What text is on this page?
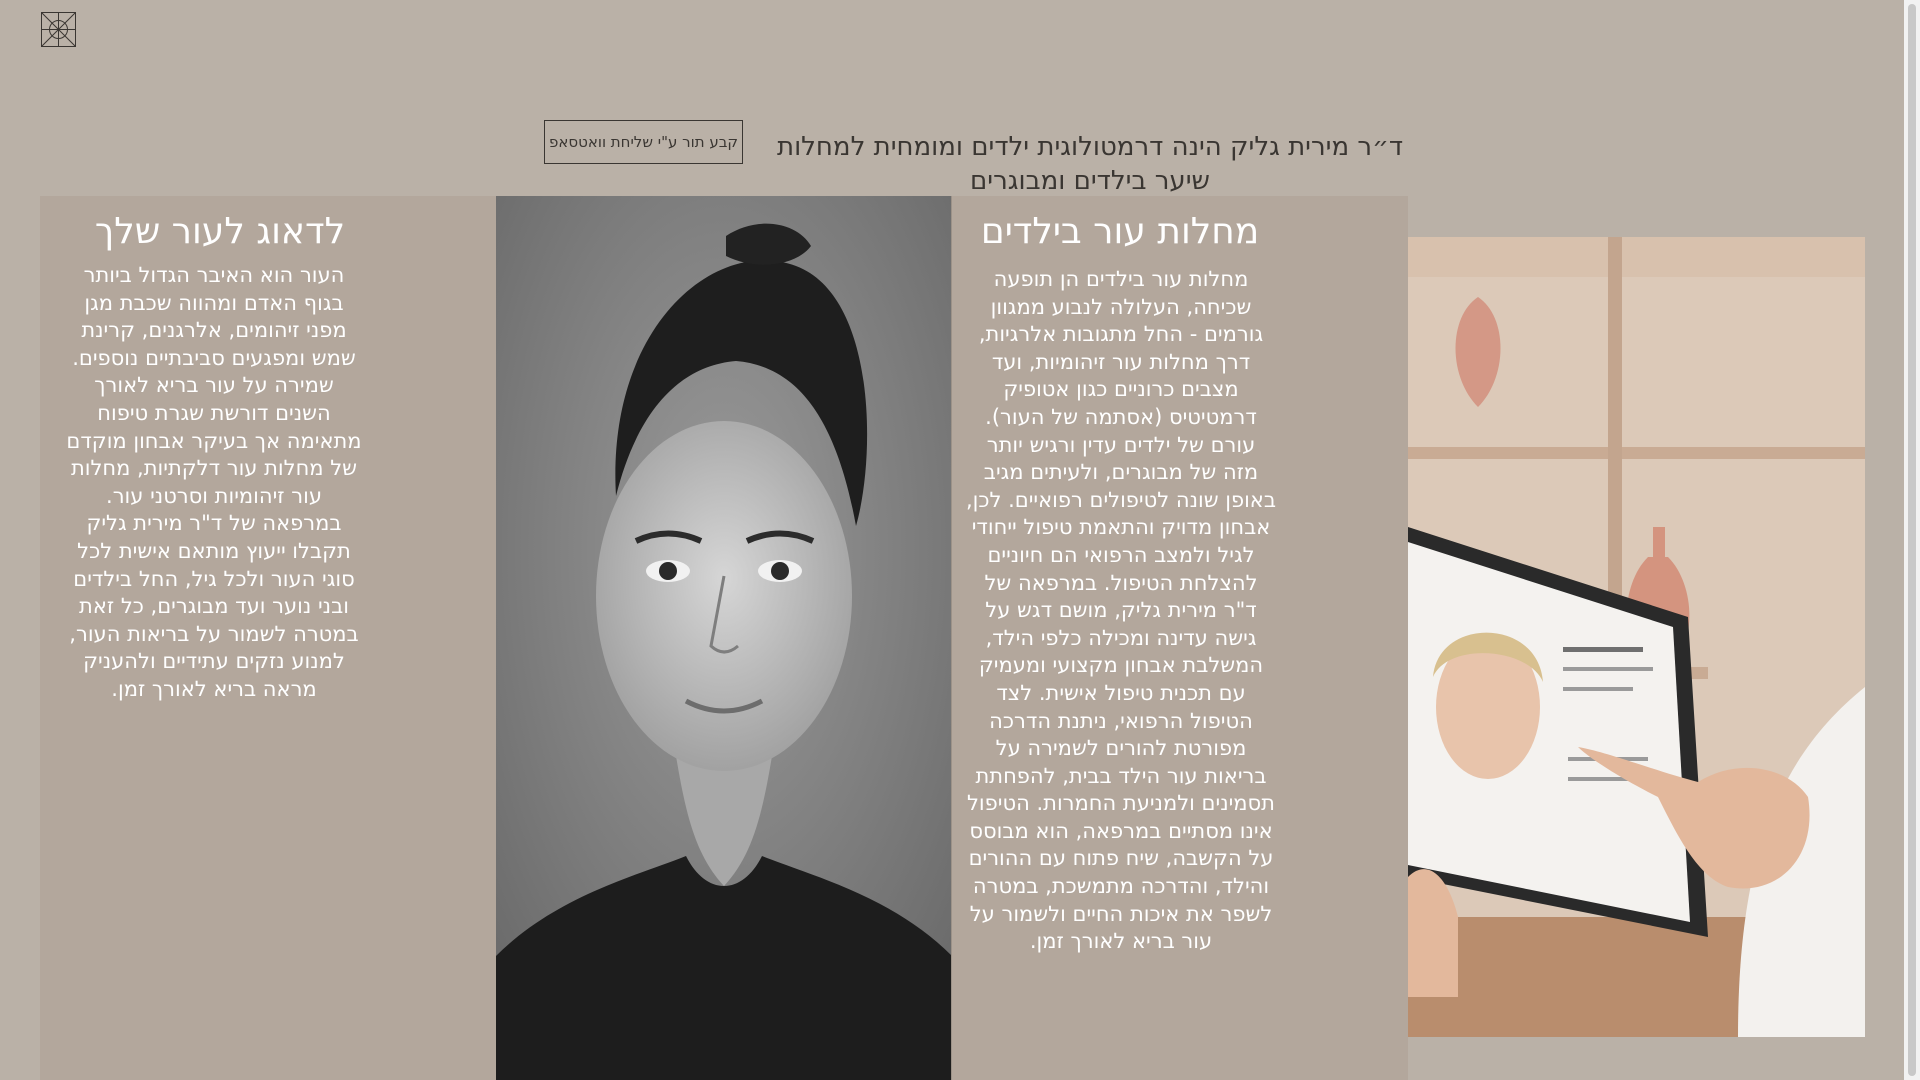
קבע תור ע"י שליחת וואטסאפ	ד״ר מירית גליק הינה דרמטולוגית ילדים ומומחית למחלות שיער בילדים ומבוגרים
לדאוג לעור שלך
העור הוא האיבר הגדול ביותר בגוף האדם ומהווה שכבת מגן מפני זיהומים, אלרגנים, קרינת שמש ומפגעים סביבתיים נוספים. שמירה על עור בריא לאורך השנים דורשת שגרת טיפוח מתאימה אך בעיקר אבחון מוקדם של מחלות עור דלקתיות, מחלות עור זיהומיות וסרטני עור. במרפאה של ד"ר מירית גליק תקבלו ייעוץ מותאם אישית לכל סוגי העור ולכל גיל, החל בילדים ובני נוער ועד מבוגרים, כל זאת במטרה לשמור על בריאות העור, למנוע נזקים עתידיים ולהעניק מראה בריא לאורך זמן.
מחלות עור בילדים
מחלות עור בילדים הן תופעה שכיחה, העלולה לנבוע ממגוון גורמים - החל מתגובות אלרגיות, דרך מחלות עור זיהומיות, ועד מצבים כרוניים כגון אטופיק דרמטיטיס (אסתמה של העור). עורם של ילדים עדין ורגיש יותר מזה של מבוגרים, ולעיתים מגיב באופן שונה לטיפולים רפואיים. לכן, אבחון מדויק והתאמת טיפול ייחודי לגיל ולמצב הרפואי הם חיוניים להצלחת הטיפול. במרפאה של ד"ר מירית גליק, מושם דגש על גישה עדינה ומכילה כלפי הילד, המשלבת אבחון מקצועי ומעמיק עם תכנית טיפול אישית. לצד הטיפול הרפואי, ניתנת הדרכה מפורטת להורים לשמירה על בריאות עור הילד בבית, להפחתת תסמינים ולמניעת החמרות. הטיפול אינו מסתיים במרפאה, הוא מבוסס על הקשבה, שיח פתוח עם ההורים והילד, והדרכה מתמשכת, במטרה לשפר את איכות החיים ולשמור על עור בריא לאורך זמן.
